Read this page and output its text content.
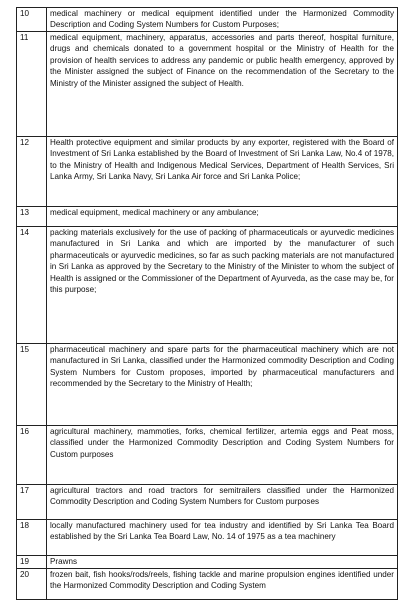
10	medical machinery or medical equipment identified under the Harmonized Commodity Description and Coding System Numbers for Custom Purposes;
11	medical equipment, machinery, apparatus, accessories and parts thereof, hospital furniture, drugs and chemicals donated to a government hospital or the Ministry of Health for the provision of health services to address any pandemic or public health emergency, approved by the Minister assigned the subject of Finance on the recommendation of the Secretary to the Ministry of the Minister assigned the subject of Health.
12	Health protective equipment and similar products by any exporter, registered with the Board of Investment of Sri Lanka established by the Board of Investment of Sri Lanka Law, No.4 of 1978, to the Ministry of Health and Indigenous Medical Services, Department of Health Services, Sri Lanka Army, Sri Lanka Navy, Sri Lanka Air force and Sri Lanka Police;
13	medical equipment, medical machinery or any ambulance;
14	packing materials exclusively for the use of packing of pharmaceuticals or ayurvedic medicines manufactured in Sri Lanka and which are imported by the manufacturer of such pharmaceuticals or ayurvedic medicines, so far as such packing materials are not manufactured in Sri Lanka as approved by the Secretary to the Ministry of the Minister to whom the subject of Health is assigned or the Commissioner of the Department of Ayurveda, as the case may be, for this purpose;
15	pharmaceutical machinery and spare parts for the pharmaceutical machinery which are not manufactured in Sri Lanka, classified under the Harmonized commodity Description and Coding System Numbers for Custom proposes, imported by pharmaceutical manufacturers and recommended by the Secretary to the Ministry of Health;
16	agricultural machinery, mammoties, forks, chemical fertilizer, artemia eggs and Peat moss, classified under the Harmonized Commodity Description and Coding System Numbers for Custom purposes
17	agricultural tractors and road tractors for semitrailers classified under the Harmonized Commodity Description and Coding System Numbers for Custom purposes
18	locally manufactured machinery used for tea industry and identified by Sri Lanka Tea Board established by the Sri Lanka Tea Board Law, No. 14 of 1975 as a tea machinery
19	Prawns
20	frozen bait, fish hooks/rods/reels, fishing tackle and marine propulsion engines identified under the Harmonized Commodity Description and Coding System
